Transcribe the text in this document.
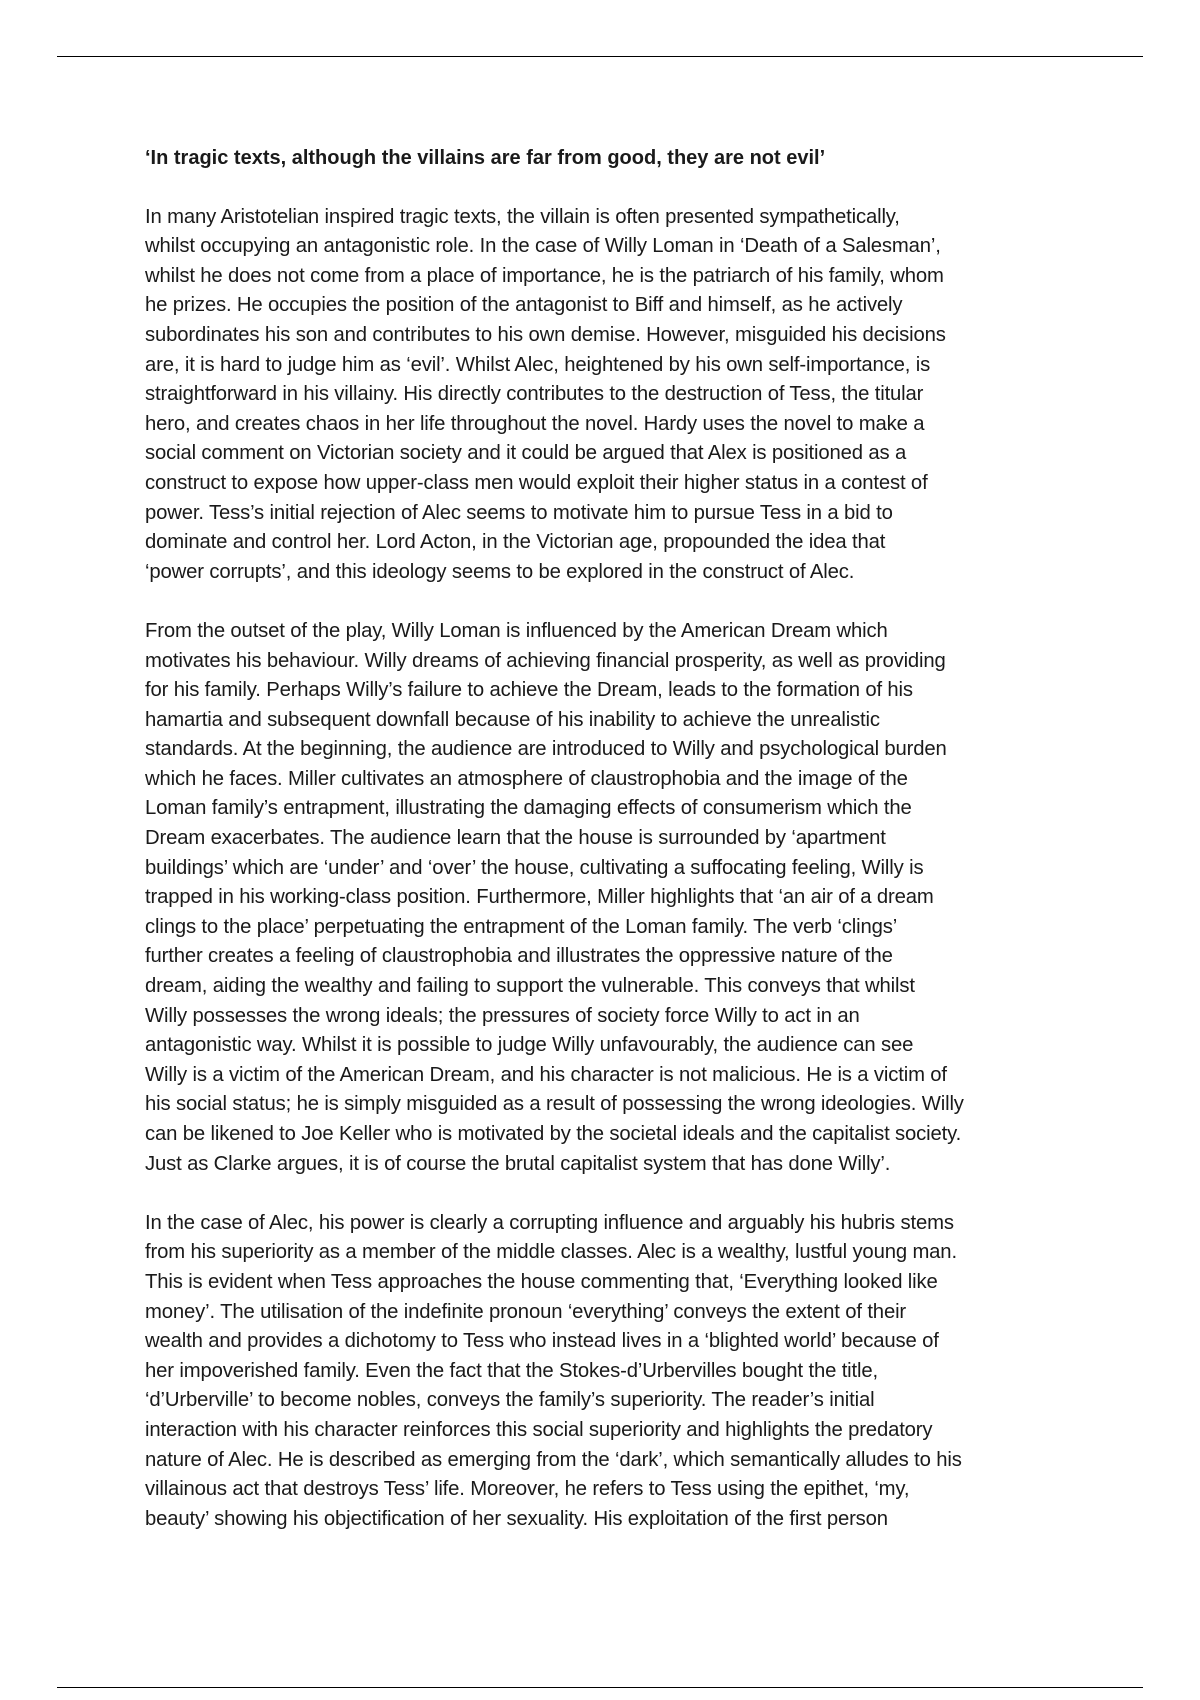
‘In tragic texts, although the villains are far from good, they are not evil’
In many Aristotelian inspired tragic texts, the villain is often presented sympathetically,
whilst occupying an antagonistic role. In the case of Willy Loman in ‘Death of a Salesman’,
whilst he does not come from a place of importance, he is the patriarch of his family, whom
he prizes. He occupies the position of the antagonist to Biff and himself, as he actively
subordinates his son and contributes to his own demise. However, misguided his decisions
are, it is hard to judge him as ‘evil’. Whilst Alec, heightened by his own self-importance, is
straightforward in his villainy. His directly contributes to the destruction of Tess, the titular
hero, and creates chaos in her life throughout the novel. Hardy uses the novel to make a
social comment on Victorian society and it could be argued that Alex is positioned as a
construct to expose how upper-class men would exploit their higher status in a contest of
power. Tess’s initial rejection of Alec seems to motivate him to pursue Tess in a bid to
dominate and control her. Lord Acton, in the Victorian age, propounded the idea that
‘power corrupts’, and this ideology seems to be explored in the construct of Alec.
From the outset of the play, Willy Loman is influenced by the American Dream which
motivates his behaviour. Willy dreams of achieving financial prosperity, as well as providing
for his family. Perhaps Willy’s failure to achieve the Dream, leads to the formation of his
hamartia and subsequent downfall because of his inability to achieve the unrealistic
standards. At the beginning, the audience are introduced to Willy and psychological burden
which he faces. Miller cultivates an atmosphere of claustrophobia and the image of the
Loman family’s entrapment, illustrating the damaging effects of consumerism which the
Dream exacerbates. The audience learn that the house is surrounded by ‘apartment
buildings’ which are ‘under’ and ‘over’ the house, cultivating a suffocating feeling, Willy is
trapped in his working-class position. Furthermore, Miller highlights that ‘an air of a dream
clings to the place’ perpetuating the entrapment of the Loman family. The verb ‘clings’
further creates a feeling of claustrophobia and illustrates the oppressive nature of the
dream, aiding the wealthy and failing to support the vulnerable. This conveys that whilst
Willy possesses the wrong ideals; the pressures of society force Willy to act in an
antagonistic way. Whilst it is possible to judge Willy unfavourably, the audience can see
Willy is a victim of the American Dream, and his character is not malicious. He is a victim of
his social status; he is simply misguided as a result of possessing the wrong ideologies. Willy
can be likened to Joe Keller who is motivated by the societal ideals and the capitalist society.
Just as Clarke argues, it is of course the brutal capitalist system that has done Willy’.
In the case of Alec, his power is clearly a corrupting influence and arguably his hubris stems
from his superiority as a member of the middle classes. Alec is a wealthy, lustful young man.
This is evident when Tess approaches the house commenting that, ‘Everything looked like
money’. The utilisation of the indefinite pronoun ‘everything’ conveys the extent of their
wealth and provides a dichotomy to Tess who instead lives in a ‘blighted world’ because of
her impoverished family. Even the fact that the Stokes-d’Urbervilles bought the title,
‘d’Urberville’ to become nobles, conveys the family’s superiority. The reader’s initial
interaction with his character reinforces this social superiority and highlights the predatory
nature of Alec. He is described as emerging from the ‘dark’, which semantically alludes to his
villainous act that destroys Tess’ life. Moreover, he refers to Tess using the epithet, ‘my,
beauty’ showing his objectification of her sexuality. His exploitation of the first person
